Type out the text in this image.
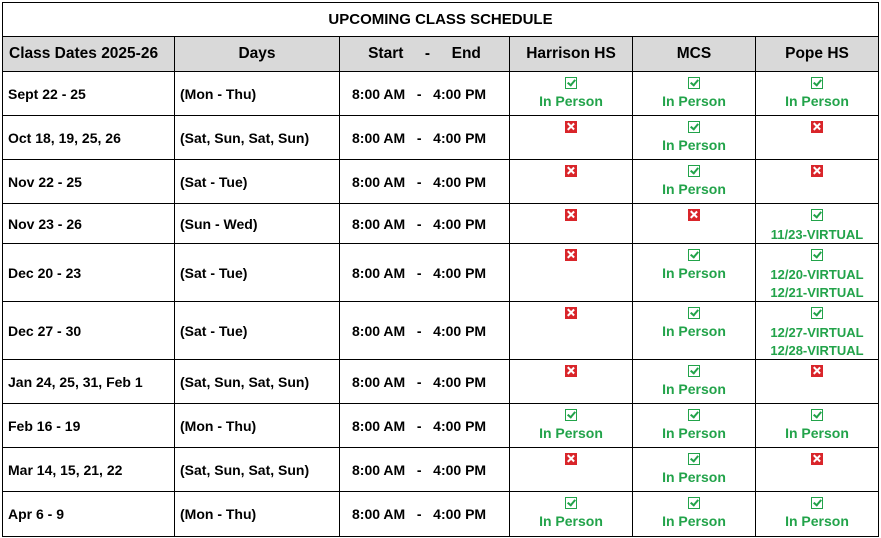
UPCOMING CLASS SCHEDULE					
Class Dates 2025-26	Days	Start     -     End	Harrison HS	MCS	Pope HS
Sept 22 - 25	(Mon - Thu)	8:00 AM   -   4:00 PM	In Person	In Person	In Person

Oct 18, 19, 25, 26	(Sat, Sun, Sat, Sun)	8:00 AM   -   4:00 PM		In Person	

Nov 22 - 25	(Sat - Tue)	8:00 AM   -   4:00 PM		In Person	

Nov 23 - 26	(Sun - Wed)	8:00 AM   -   4:00 PM			11/23-VIRTUAL

Dec 20 - 23	(Sat - Tue)	8:00 AM   -   4:00 PM		In Person	12/20-VIRTUAL
12/21-VIRTUAL

Dec 27 - 30	(Sat - Tue)	8:00 AM   -   4:00 PM		In Person	12/27-VIRTUAL
12/28-VIRTUAL

Jan 24, 25, 31, Feb 1	(Sat, Sun, Sat, Sun)	8:00 AM   -   4:00 PM		In Person	

Feb 16 - 19	(Mon - Thu)	8:00 AM   -   4:00 PM	In Person	In Person	In Person

Mar 14, 15, 21, 22	(Sat, Sun, Sat, Sun)	8:00 AM   -   4:00 PM		In Person	

Apr 6 - 9	(Mon - Thu)	8:00 AM   -   4:00 PM	In Person	In Person	In Person
